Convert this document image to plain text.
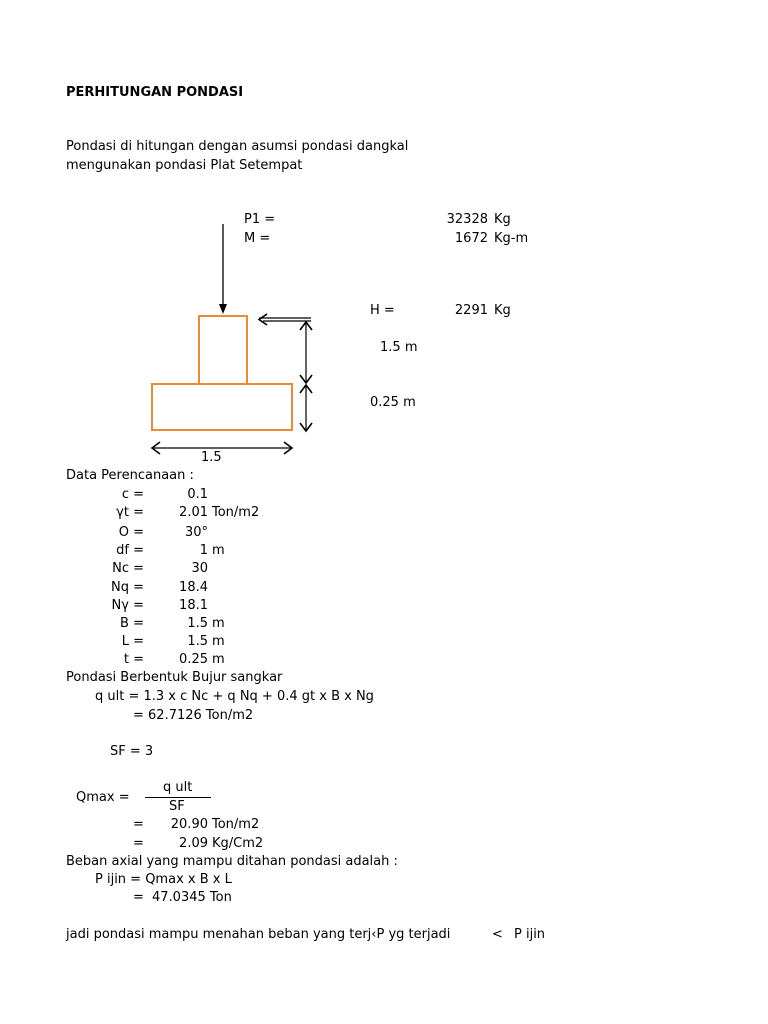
PERHITUNGAN PONDASI
Pondasi di hitungan dengan asumsi pondasi dangkal
mengunakan pondasi Plat Setempat
P1 =	32328 Kg
M =	1672 Kg-m
H =	2291 Kg
1.5 m
0.25 m
1.5
Data Perencanaan :
c =	0.1
γt =	2.01 Ton/m2
O =	30°
df =	1 m
Nc =	30
Nq =	18.4
Nγ =	18.1
B =	1.5 m
L =	1.5 m
t =	0.25 m
Pondasi Berbentuk Bujur sangkar
q ult = 1.3 x c Nc + q Nq + 0.4 gt x B x Ng
= 62.7126 Ton/m2
SF = 3
Qmax =
q ult
SF
=	20.90 Ton/m2
=	2.09 Kg/Cm2
Beban axial yang mampu ditahan pondasi adalah :
P ijin = Qmax x B x L
= 47.0345 Ton
jadi pondasi mampu menahan beban yang terj‹P yg terjadi	< P ijin
